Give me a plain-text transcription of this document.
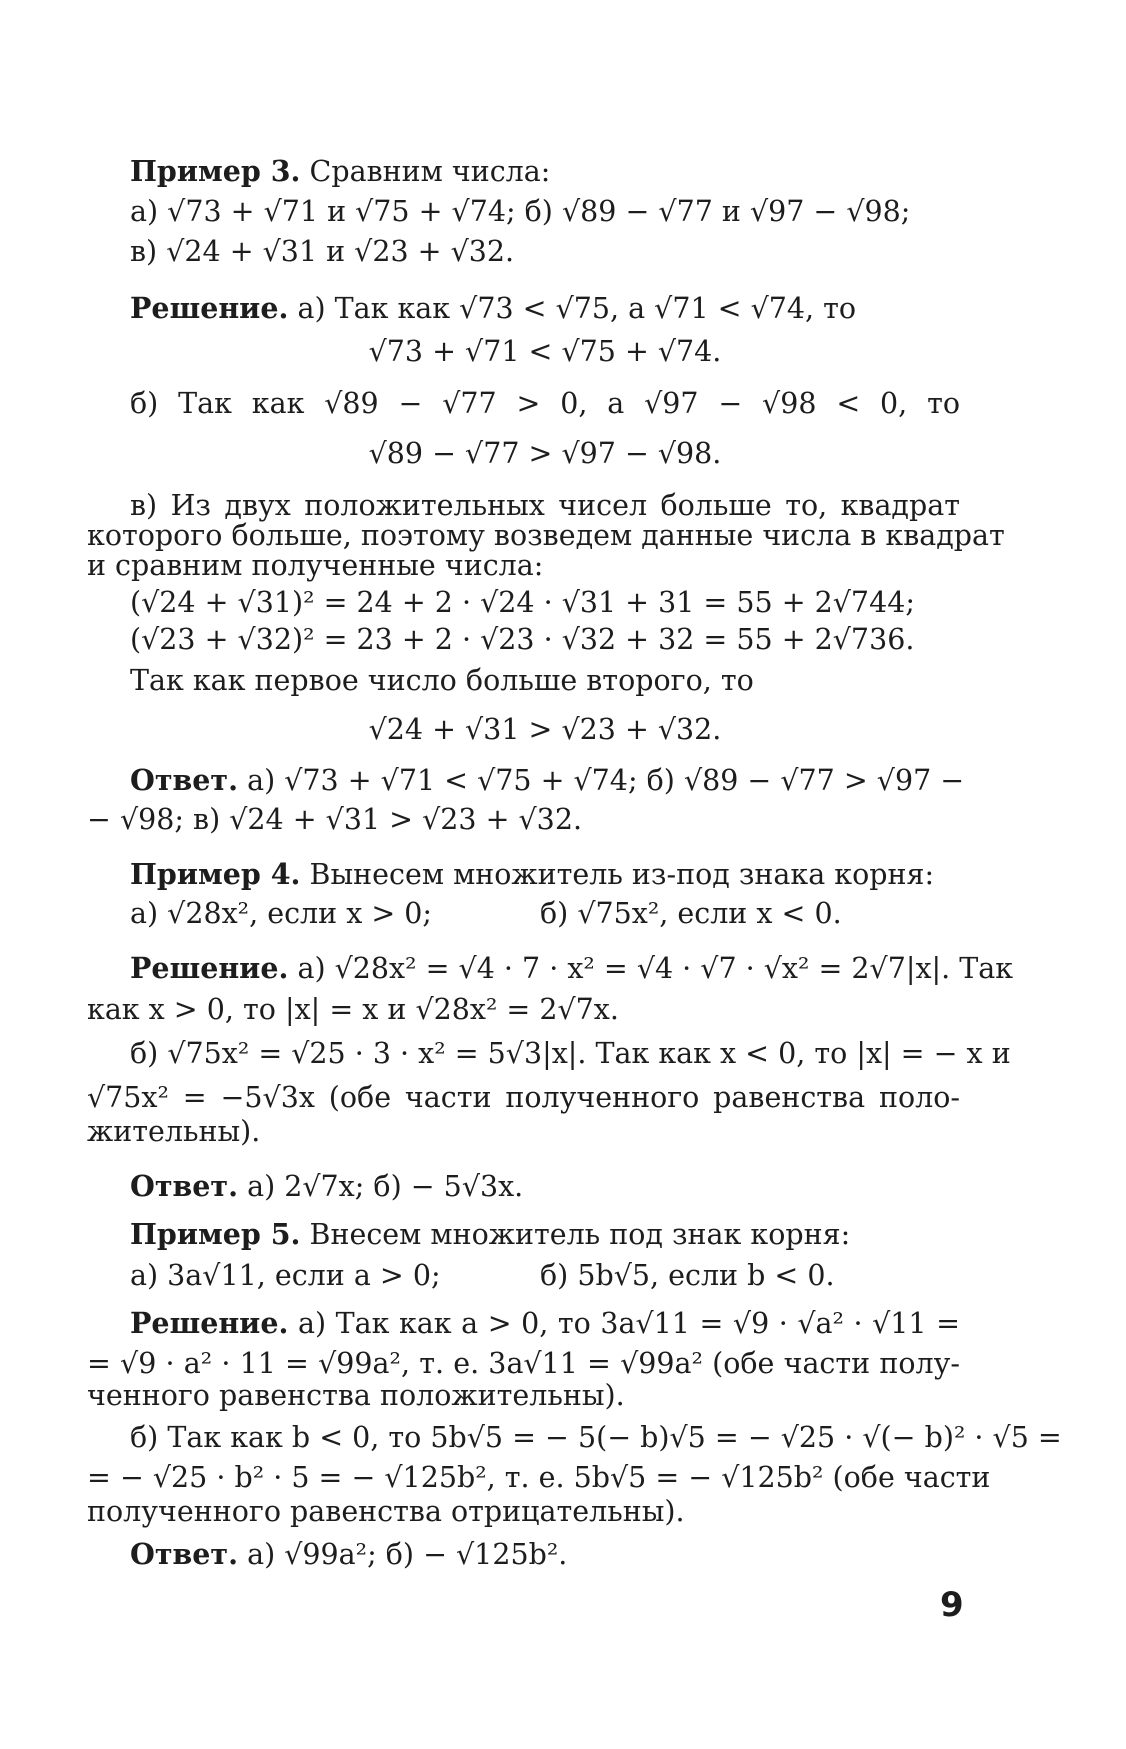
Пример 3. Сравним числа:
а) √73 + √71 и √75 + √74; б) √89 − √77 и √97 − √98;
в) √24 + √31 и √23 + √32.
Решение. а) Так как √73 < √75, а √71 < √74, то
√73 + √71 < √75 + √74.
б) Так как √89 − √77 > 0, а √97 − √98 < 0, то
√89 − √77 > √97 − √98.
в) Из двух положительных чисел больше то, квадрат
которого больше, поэтому возведем данные числа в квадрат
и сравним полученные числа:
(√24 + √31)² = 24 + 2 · √24 · √31 + 31 = 55 + 2√744;
(√23 + √32)² = 23 + 2 · √23 · √32 + 32 = 55 + 2√736.
Так как первое число больше второго, то
√24 + √31 > √23 + √32.
Ответ. а) √73 + √71 < √75 + √74; б) √89 − √77 > √97 −
− √98; в) √24 + √31 > √23 + √32.
Пример 4. Вынесем множитель из-под знака корня:
а) √28x², если x > 0;	б) √75x², если x < 0.
Решение. а) √28x² = √4 · 7 · x² = √4 · √7 · √x² = 2√7|x|. Так
как x > 0, то |x| = x и √28x² = 2√7x.
б) √75x² = √25 · 3 · x² = 5√3|x|. Так как x < 0, то |x| = − x и
√75x² = −5√3x (обе части полученного равенства поло-
жительны).
Ответ. а) 2√7x; б) − 5√3x.
Пример 5. Внесем множитель под знак корня:
а) 3a√11, если a > 0;	б) 5b√5, если b < 0.
Решение. а) Так как a > 0, то 3a√11 = √9 · √a² · √11 =
= √9 · a² · 11 = √99a², т. е. 3a√11 = √99a² (обе части полу-
ченного равенства положительны).
б) Так как b < 0, то 5b√5 = − 5(− b)√5 = − √25 · √(− b)² · √5 =
= − √25 · b² · 5 = − √125b², т. е. 5b√5 = − √125b² (обе части
полученного равенства отрицательны).
Ответ. а) √99a²; б) − √125b².
9
